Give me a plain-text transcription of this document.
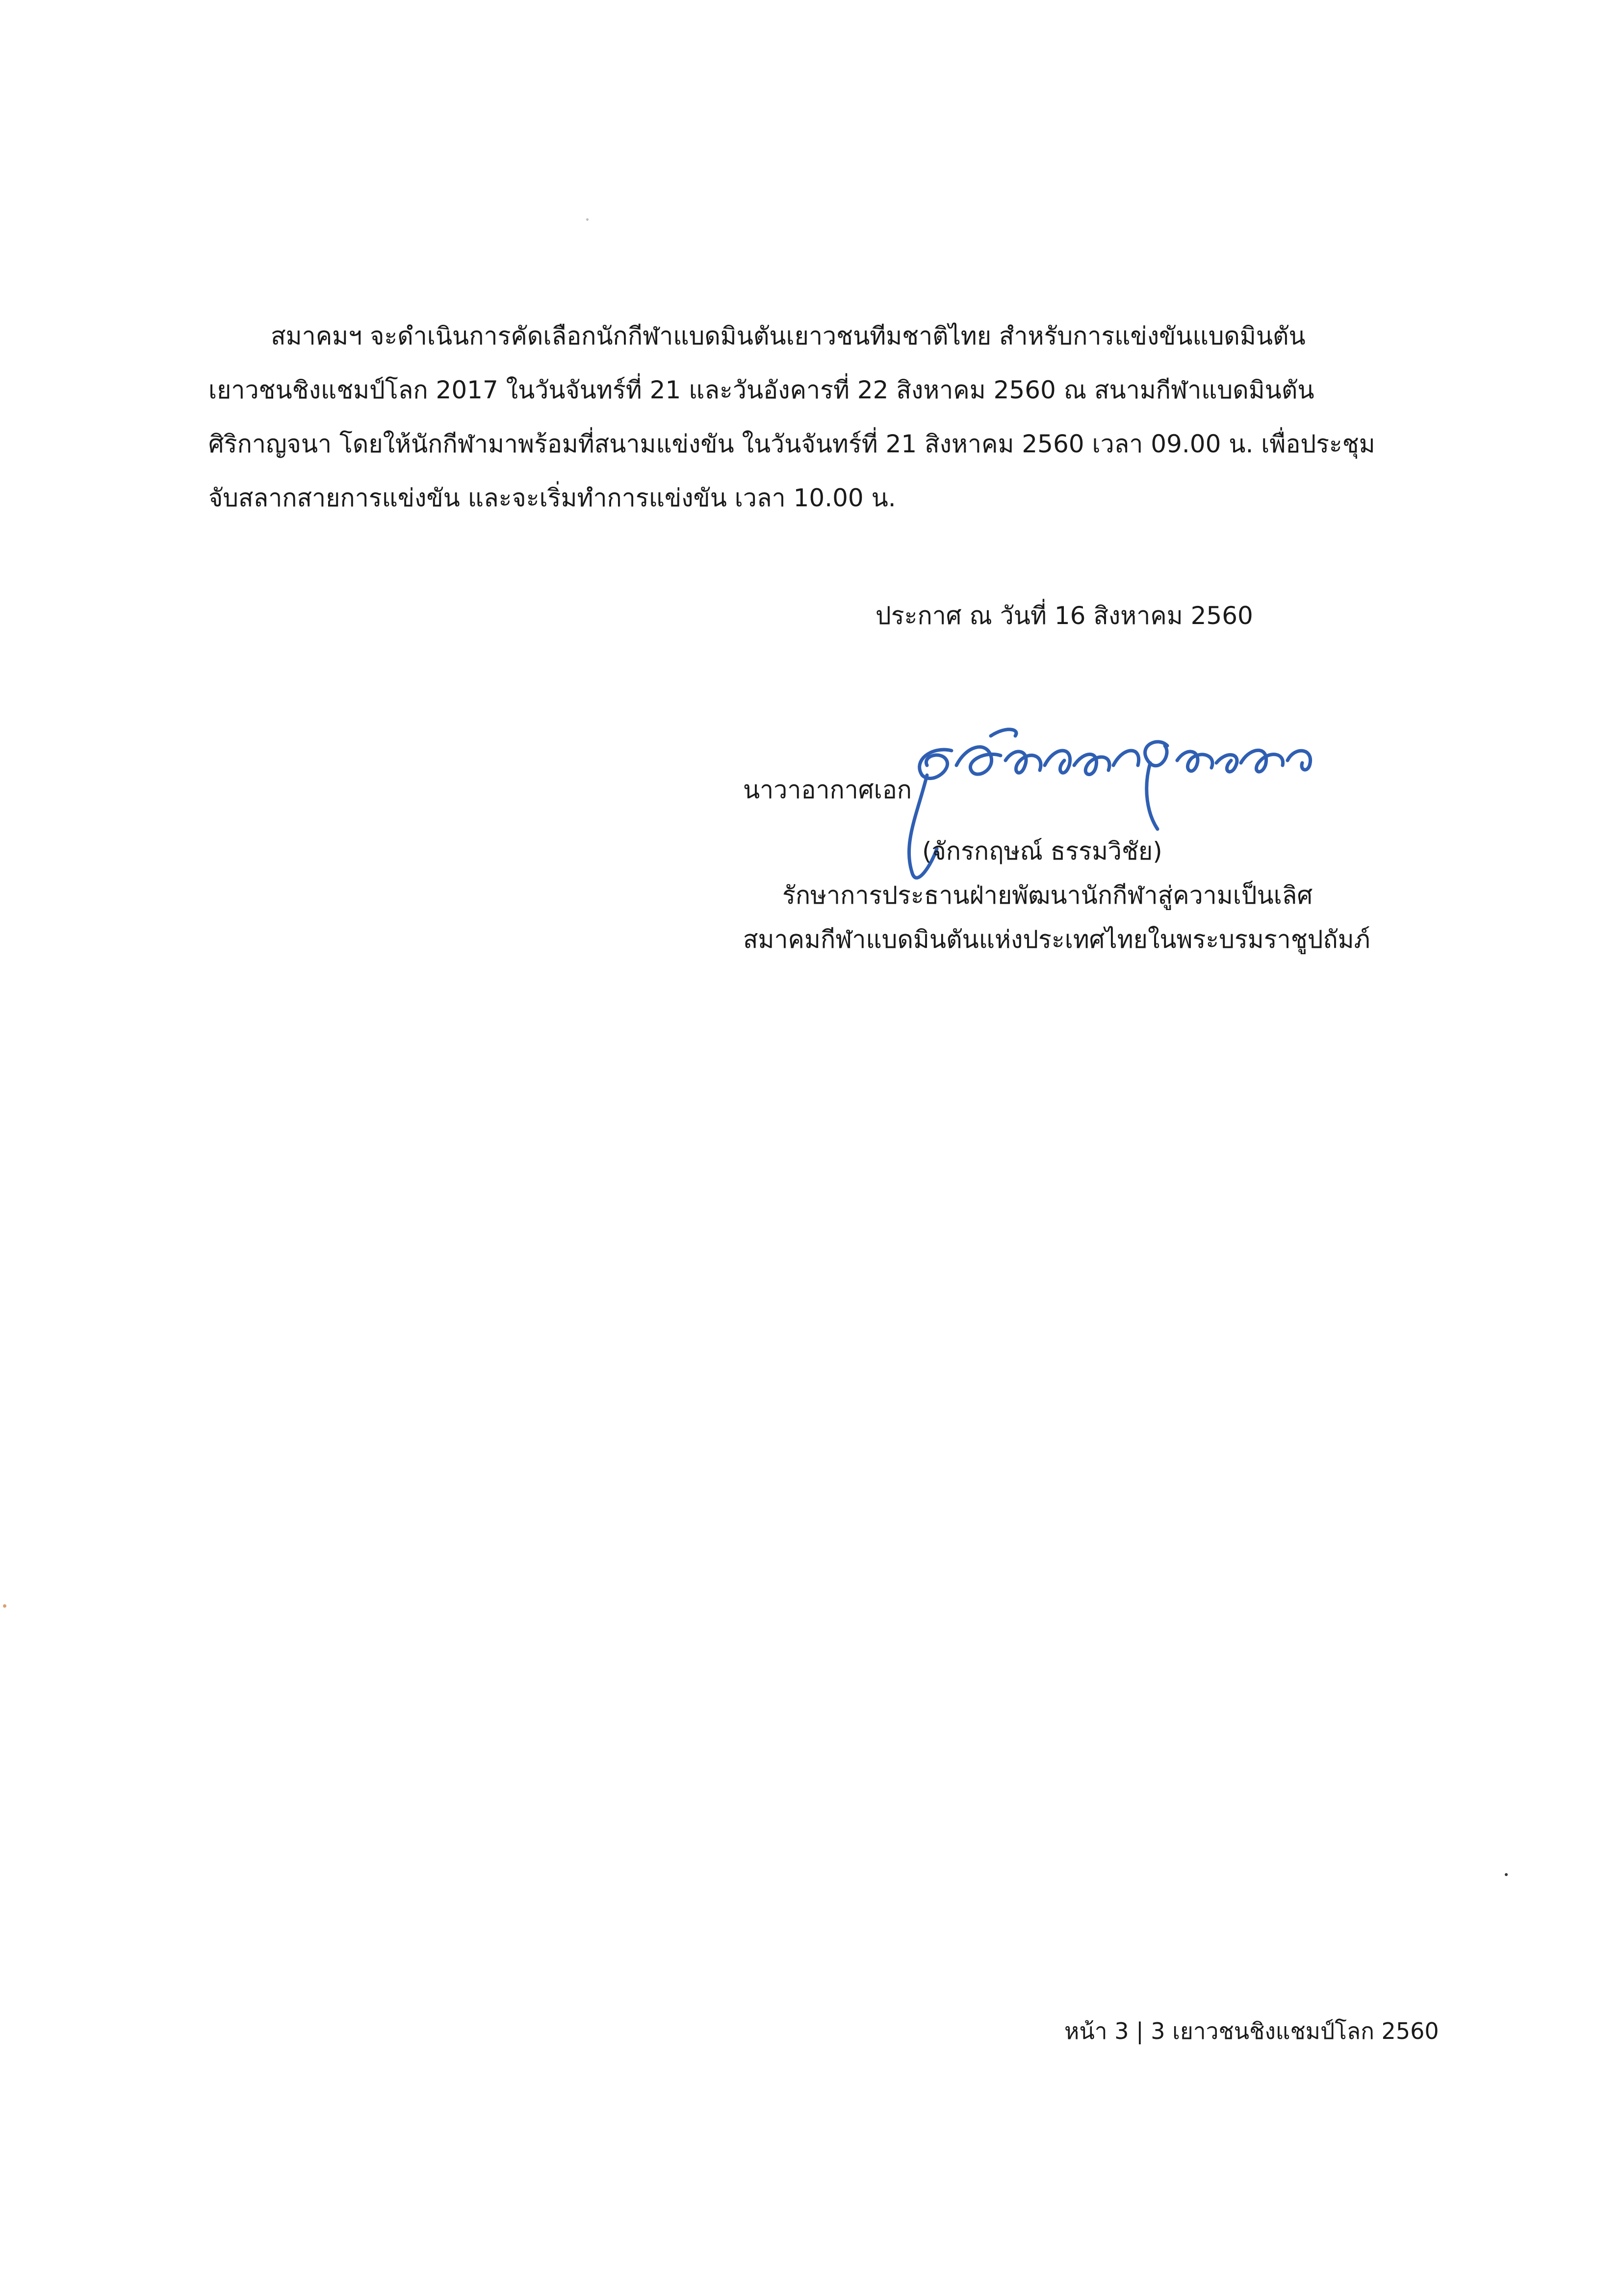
สมาคมฯ จะดำเนินการคัดเลือกนักกีฬาแบดมินตันเยาวชนทีมชาติไทย สำหรับการแข่งขันแบดมินตัน
เยาวชนชิงแชมป์โลก 2017 ในวันจันทร์ที่ 21 และวันอังคารที่ 22 สิงหาคม 2560 ณ สนามกีฬาแบดมินตัน
ศิริกาญจนา โดยให้นักกีฬามาพร้อมที่สนามแข่งขัน ในวันจันทร์ที่ 21 สิงหาคม 2560 เวลา 09.00 น. เพื่อประชุม
จับสลากสายการแข่งขัน และจะเริ่มทำการแข่งขัน เวลา 10.00 น.
ประกาศ ณ วันที่ 16 สิงหาคม 2560
นาวาอากาศเอก
(จักรกฤษณ์ ธรรมวิชัย)
รักษาการประธานฝ่ายพัฒนานักกีฬาสู่ความเป็นเลิศ
สมาคมกีฬาแบดมินตันแห่งประเทศไทยในพระบรมราชูปถัมภ์
หน้า 3 | 3 เยาวชนชิงแชมป์โลก 2560
